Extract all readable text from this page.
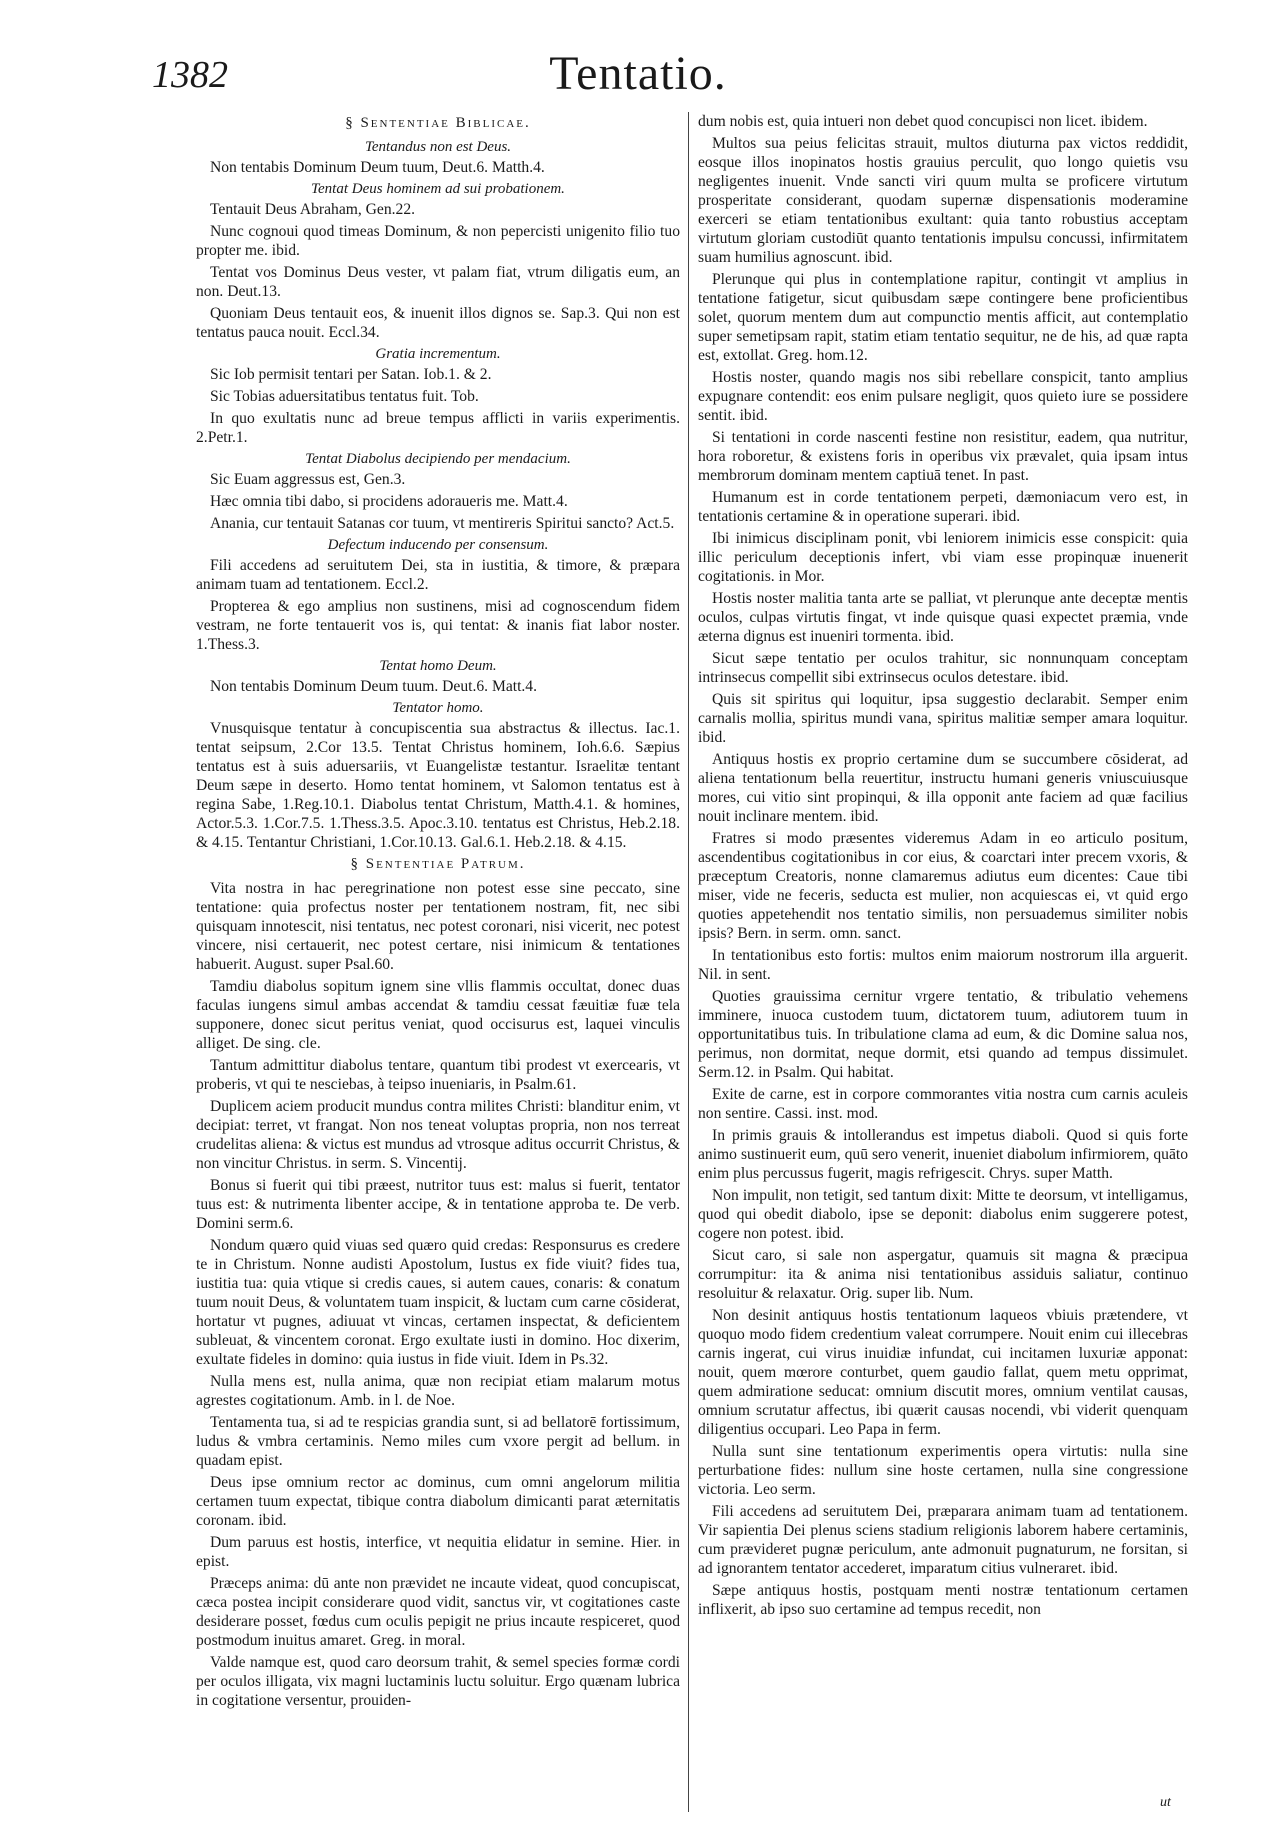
1382	Tentatio.
§ Sententiae Biblicae.
Tentandus non est Deus.
Non tentabis Dominum Deum tuum, Deut.6. Matth.4.
Tentat Deus hominem ad sui probationem.
Tentauit Deus Abraham, Gen.22.
Nunc cognoui quod timeas Dominum, & non pepercisti unigenito filio tuo propter me. ibid.
Tentat vos Dominus Deus vester, vt palam fiat, vtrum diligatis eum, an non. Deut.13.
Quoniam Deus tentauit eos, & inuenit illos dignos se. Sap.3. Qui non est tentatus pauca nouit. Eccl.34.
Gratia incrementum.
Sic Iob permisit tentari per Satan. Iob.1. & 2.
Sic Tobias aduersitatibus tentatus fuit. Tob.
In quo exultatis nunc ad breue tempus afflicti in variis experimentis. 2.Petr.1.
Tentat Diabolus decipiendo per mendacium.
Sic Euam aggressus est, Gen.3.
Hæc omnia tibi dabo, si procidens adoraueris me. Matt.4.
Anania, cur tentauit Satanas cor tuum, vt mentireris Spiritui sancto? Act.5.
Defectum inducendo per consensum.
Fili accedens ad seruitutem Dei, sta in iustitia, & timore, & præpara animam tuam ad tentationem. Eccl.2.
Propterea & ego amplius non sustinens, misi ad cognoscendum fidem vestram, ne forte tentauerit vos is, qui tentat: & inanis fiat labor noster. 1.Thess.3.
Tentat homo Deum.
Non tentabis Dominum Deum tuum. Deut.6. Matt.4.
Tentator homo.
Vnusquisque tentatur à concupiscentia sua abstractus & illectus. Iac.1. tentat seipsum, 2.Cor 13.5. Tentat Christus hominem, Ioh.6.6. Sæpius tentatus est à suis aduersariis, vt Euangelistæ testantur. Israelitæ tentant Deum sæpe in deserto. Homo tentat hominem, vt Salomon tentatus est à regina Sabe, 1.Reg.10.1. Diabolus tentat Christum, Matth.4.1. & homines, Actor.5.3. 1.Cor.7.5. 1.Thess.3.5. Apoc.3.10. tentatus est Christus, Heb.2.18. & 4.15. Tentantur Christiani, 1.Cor.10.13. Gal.6.1. Heb.2.18. & 4.15.
§ Sententiae Patrum.
Vita nostra in hac peregrinatione non potest esse sine peccato, sine tentatione: quia profectus noster per tentationem nostram, fit, nec sibi quisquam innotescit, nisi tentatus, nec potest coronari, nisi vicerit, nec potest vincere, nisi certauerit, nec potest certare, nisi inimicum & tentationes habuerit. August. super Psal.60.
Tamdiu diabolus sopitum ignem sine vllis flammis occultat, donec duas faculas iungens simul ambas accendat & tamdiu cessat fæuitiæ fuæ tela supponere, donec sicut peritus veniat, quod occisurus est, laquei vinculis alliget. De sing. cle.
Tantum admittitur diabolus tentare, quantum tibi prodest vt exercearis, vt proberis, vt qui te nesciebas, à teipso inueniaris, in Psalm.61.
Duplicem aciem producit mundus contra milites Christi: blanditur enim, vt decipiat: terret, vt frangat. Non nos teneat voluptas propria, non nos terreat crudelitas aliena: & victus est mundus ad vtrosque aditus occurrit Christus, & non vincitur Christus. in serm. S. Vincentij.
Bonus si fuerit qui tibi præest, nutritor tuus est: malus si fuerit, tentator tuus est: & nutrimenta libenter accipe, & in tentatione approba te. De verb. Domini serm.6.
Nondum quæro quid viuas sed quæro quid credas: Responsurus es credere te in Christum. Nonne audisti Apostolum, Iustus ex fide viuit? fides tua, iustitia tua: quia vtique si credis caues, si autem caues, conaris: & conatum tuum nouit Deus, & voluntatem tuam inspicit, & luctam cum carne cōsiderat, hortatur vt pugnes, adiuuat vt vincas, certamen inspectat, & deficientem subleuat, & vincentem coronat. Ergo exultate iusti in domino. Hoc dixerim, exultate fideles in domino: quia iustus in fide viuit. Idem in Ps.32.
Nulla mens est, nulla anima, quæ non recipiat etiam malarum motus agrestes cogitationum. Amb. in l. de Noe.
Tentamenta tua, si ad te respicias grandia sunt, si ad bellatorē fortissimum, ludus & vmbra certaminis. Nemo miles cum vxore pergit ad bellum. in quadam epist.
Deus ipse omnium rector ac dominus, cum omni angelorum militia certamen tuum expectat, tibique contra diabolum dimicanti parat æternitatis coronam. ibid.
Dum paruus est hostis, interfice, vt nequitia elidatur in semine. Hier. in epist.
Præceps anima: dū ante non prævidet ne incaute videat, quod concupiscat, cæca postea incipit considerare quod vidit, sanctus vir, vt cogitationes caste desiderare posset, fœdus cum oculis pepigit ne prius incaute respiceret, quod postmodum inuitus amaret. Greg. in moral.
Valde namque est, quod caro deorsum trahit, & semel species formæ cordi per oculos illigata, vix magni luctaminis luctu soluitur. Ergo quænam lubrica in cogitatione versentur, prouiden-
dum nobis est, quia intueri non debet quod concupisci non licet. ibidem.
Multos sua peius felicitas strauit, multos diuturna pax victos reddidit, eosque illos inopinatos hostis grauius perculit, quo longo quietis vsu negligentes inuenit. Vnde sancti viri quum multa se proficere virtutum prosperitate considerant, quodam supernæ dispensationis moderamine exerceri se etiam tentationibus exultant: quia tanto robustius acceptam virtutum gloriam custodiūt quanto tentationis impulsu concussi, infirmitatem suam humilius agnoscunt. ibid.
Plerunque qui plus in contemplatione rapitur, contingit vt amplius in tentatione fatigetur, sicut quibusdam sæpe contingere bene proficientibus solet, quorum mentem dum aut compunctio mentis afficit, aut contemplatio super semetipsam rapit, statim etiam tentatio sequitur, ne de his, ad quæ rapta est, extollat. Greg. hom.12.
Hostis noster, quando magis nos sibi rebellare conspicit, tanto amplius expugnare contendit: eos enim pulsare negligit, quos quieto iure se possidere sentit. ibid.
Si tentationi in corde nascenti festine non resistitur, eadem, qua nutritur, hora roboretur, & existens foris in operibus vix prævalet, quia ipsam intus membrorum dominam mentem captiuā tenet. In past.
Humanum est in corde tentationem perpeti, dæmoniacum vero est, in tentationis certamine & in operatione superari. ibid.
Ibi inimicus disciplinam ponit, vbi leniorem inimicis esse conspicit: quia illic periculum deceptionis infert, vbi viam esse propinquæ inuenerit cogitationis. in Mor.
Hostis noster malitia tanta arte se palliat, vt plerunque ante deceptæ mentis oculos, culpas virtutis fingat, vt inde quisque quasi expectet præmia, vnde æterna dignus est inueniri tormenta. ibid.
Sicut sæpe tentatio per oculos trahitur, sic nonnunquam conceptam intrinsecus compellit sibi extrinsecus oculos detestare. ibid.
Quis sit spiritus qui loquitur, ipsa suggestio declarabit. Semper enim carnalis mollia, spiritus mundi vana, spiritus malitiæ semper amara loquitur. ibid.
Antiquus hostis ex proprio certamine dum se succumbere cōsiderat, ad aliena tentationum bella reuertitur, instructu humani generis vniuscuiusque mores, cui vitio sint propinqui, & illa opponit ante faciem ad quæ facilius nouit inclinare mentem. ibid.
Fratres si modo præsentes videremus Adam in eo articulo positum, ascendentibus cogitationibus in cor eius, & coarctari inter precem vxoris, & præceptum Creatoris, nonne clamaremus adiutus eum dicentes: Caue tibi miser, vide ne feceris, seducta est mulier, non acquiescas ei, vt quid ergo quoties appetehendit nos tentatio similis, non persuademus similiter nobis ipsis? Bern. in serm. omn. sanct.
In tentationibus esto fortis: multos enim maiorum nostrorum illa arguerit. Nil. in sent.
Quoties grauissima cernitur vrgere tentatio, & tribulatio vehemens imminere, inuoca custodem tuum, dictatorem tuum, adiutorem tuum in opportunitatibus tuis. In tribulatione clama ad eum, & dic Domine salua nos, perimus, non dormitat, neque dormit, etsi quando ad tempus dissimulet. Serm.12. in Psalm. Qui habitat.
Exite de carne, est in corpore commorantes vitia nostra cum carnis aculeis non sentire. Cassi. inst. mod.
In primis grauis & intollerandus est impetus diaboli. Quod si quis forte animo sustinuerit eum, quū sero venerit, inueniet diabolum infirmiorem, quāto enim plus percussus fugerit, magis refrigescit. Chrys. super Matth.
Non impulit, non tetigit, sed tantum dixit: Mitte te deorsum, vt intelligamus, quod qui obedit diabolo, ipse se deponit: diabolus enim suggerere potest, cogere non potest. ibid.
Sicut caro, si sale non aspergatur, quamuis sit magna & præcipua corrumpitur: ita & anima nisi tentationibus assiduis saliatur, continuo resoluitur & relaxatur. Orig. super lib. Num.
Non desinit antiquus hostis tentationum laqueos vbiuis prætendere, vt quoquo modo fidem credentium valeat corrumpere. Nouit enim cui illecebras carnis ingerat, cui virus inuidiæ infundat, cui incitamen luxuriæ apponat: nouit, quem mœrore conturbet, quem gaudio fallat, quem metu opprimat, quem admiratione seducat: omnium discutit mores, omnium ventilat causas, omnium scrutatur affectus, ibi quærit causas nocendi, vbi viderit quenquam diligentius occupari. Leo Papa in ferm.
Nulla sunt sine tentationum experimentis opera virtutis: nulla sine perturbatione fides: nullum sine hoste certamen, nulla sine congressione victoria. Leo serm.
Fili accedens ad seruitutem Dei, præparara animam tuam ad tentationem. Vir sapientia Dei plenus sciens stadium religionis laborem habere certaminis, cum prævideret pugnæ periculum, ante admonuit pugnaturum, ne forsitan, si ad ignorantem tentator accederet, imparatum citius vulneraret. ibid.
Sæpe antiquus hostis, postquam menti nostræ tentationum certamen inflixerit, ab ipso suo certamine ad tempus recedit, non
ut
